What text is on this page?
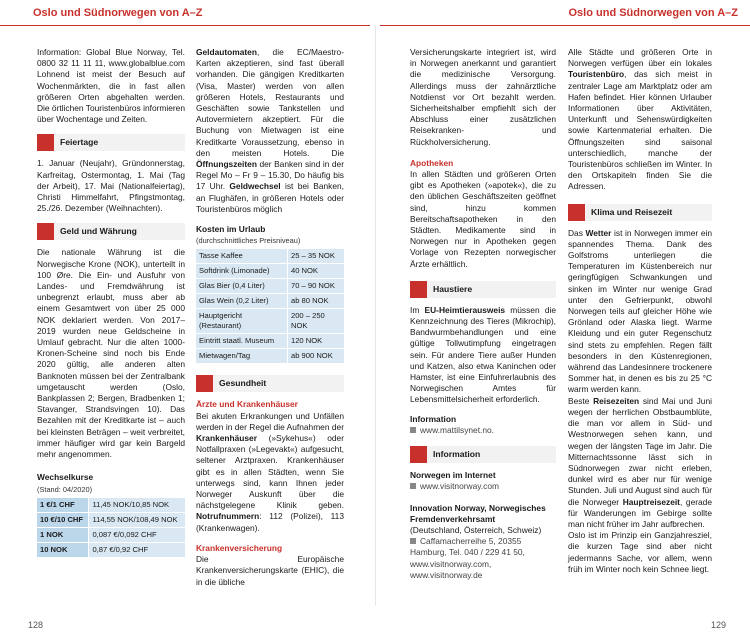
Oslo und Südnorwegen von A–Z	Oslo und Südnorwegen von A–Z

Information: Global Blue Norway, Tel. 0800 32 11 11 11, www.globalblue.com Lohnend ist meist der Besuch auf Wochenmärkten, die in fast allen größeren Orten abgehalten werden. Die örtlichen Touristenbüros informieren über Wochentage und Zeiten.

Feiertage

1. Januar (Neujahr), Gründonnerstag, Karfreitag, Ostermontag, 1. Mai (Tag der Arbeit), 17. Mai (Nationalfeiertag), Christi Himmelfahrt, Pfingstmontag, 25./26. Dezember (Weihnachten).

Geld und Währung

Die nationale Währung ist die Norwegische Krone (NOK), unterteilt in 100 Øre. Die Ein- und Ausfuhr von Landes- und Fremdwährung ist unbegrenzt erlaubt, muss aber ab einem Gesamtwert von über 25 000 NOK deklariert werden. Von 2017–2019 wurden neue Geldscheine in Umlauf gebracht. Nur die alten 1000-Kronen-Scheine sind noch bis Ende 2020 gültig, alle anderen alten Banknoten müssen bei der Zentralbank umgetauscht werden (Oslo, Bankplassen 2; Bergen, Bradbenken 1; Stavanger, Strandsvingen 10). Das Bezahlen mit der Kreditkarte ist – auch bei kleinsten Beträgen – weit verbreitet, immer häufiger wird gar kein Bargeld mehr angenommen.

Wechselkurse
(Stand: 04/2020)
1 €/1 CHF	11,45 NOK/10,85 NOK
10 €/10 CHF	114,55 NOK/108,49 NOK
1 NOK	0,087 €/0,092 CHF
10 NOK	0,87 €/0,92 CHF

Geldautomaten, die EC/Maestro-Karten akzeptieren, sind fast überall vorhanden. Die gängigen Kreditkarten (Visa, Master) werden von allen größeren Hotels, Restaurants und Geschäften sowie Tankstellen und Autovermietern akzeptiert. Für die Buchung von Mietwagen ist eine Kreditkarte Voraussetzung, ebenso in den meisten Hotels. Die Öffnungszeiten der Banken sind in der Regel Mo – Fr 9 – 15.30, Do häufig bis 17 Uhr. Geldwechsel ist bei Banken, an Flughäfen, in größeren Hotels oder Touristenbüros möglich

Kosten im Urlaub
(durchschnittliches Preisniveau)
Tasse Kaffee	25 – 35 NOK
Softdrink (Limonade)	40 NOK
Glas Bier (0,4 Liter)	70 – 90 NOK
Glas Wein (0,2 Liter)	ab 80 NOK
Hauptgericht (Restaurant)	200 – 250 NOK
Eintritt staatl. Museum	120 NOK
Mietwagen/Tag	ab 900 NOK
Gesundheit
Ärzte und Krankenhäuser

Bei akuten Erkrankungen und Unfällen werden in der Regel die Aufnahmen der Krankenhäuser (»Sykehus«) oder Notfallpraxen (»Legevakt«) aufgesucht, seltener Arztpraxen. Krankenhäuser gibt es in allen Städten, wenn Sie unterwegs sind, kann Ihnen jeder Norweger Auskunft über die nächstgelegene Klinik geben. Notrufnummern: 112 (Polizei), 113 (Krankenwagen).

Krankenversicherung

Die Europäische Krankenversicherungskarte (EHIC), die in die übliche

Versicherungskarte integriert ist, wird in Norwegen anerkannt und garantiert die medizinische Versorgung. Allerdings muss der zahnärztliche Notdienst vor Ort bezahlt werden. Sicherheitshalber empfiehlt sich der Abschluss einer zusätzlichen Reisekranken- und Rückholversicherung.

Apotheken

In allen Städten und größeren Orten gibt es Apotheken (»apotek«), die zu den üblichen Geschäftszeiten geöffnet sind, hinzu kommen Bereitschaftsapotheken in den Städten. Medikamente sind in Norwegen nur in Apotheken gegen Vorlage von Rezepten norwegischer Ärzte erhältlich.

Haustiere

Im EU-Heimtierausweis müssen die Kennzeichnung des Tieres (Mikrochip), Bandwurmbehandlungen und eine gültige Tollwutimpfung eingetragen sein. Für andere Tiere außer Hunden und Katzen, also etwa Kaninchen oder Hamster, ist eine Einfuhrerlaubnis des Norwegischen Amtes für Lebensmittelsicherheit erforderlich.

Information
www.mattilsynet.no.
Information
Norwegen im Internet
www.visitnorway.com
Innovation Norway, Norwegisches Fremdenverkehrsamt
(Deutschland, Österreich, Schweiz)
Caffamacherreihe 5, 20355 Hamburg, Tel. 040 / 229 41 50, www.visitnorway.com, www.visitnorway.de

Alle Städte und größeren Orte in Norwegen verfügen über ein lokales Touristenbüro, das sich meist in zentraler Lage am Marktplatz oder am Hafen befindet. Hier können Urlauber Informationen über Aktivitäten, Unterkunft und Sehenswürdigkeiten sowie Kartenmaterial erhalten. Die Öffnungszeiten sind saisonal unterschiedlich, manche der Touristenbüros schließen im Winter. In den Ortskapiteln finden Sie die Adressen.

Klima und Reisezeit

Das Wetter ist in Norwegen immer ein spannendes Thema. Dank des Golfstroms unterliegen die Temperaturen im Küstenbereich nur geringfügigen Schwankungen und sinken im Winter nur wenige Grad unter den Gefrierpunkt, obwohl Norwegen teils auf gleicher Höhe wie Grönland oder Alaska liegt. Warme Kleidung und ein guter Regenschutz sind stets zu empfehlen. Regen fällt besonders in den Küstenregionen, während das Landesinnere trockenere Sommer hat, in denen es bis zu 25 °C warm werden kann.

Beste Reisezeiten sind Mai und Juni wegen der herrlichen Obstbaumblüte, die man vor allem in Süd- und Westnorwegen sehen kann, und wegen der längsten Tage im Jahr. Die Mitternachtssonne lässt sich in Südnorwegen zwar nicht erleben, dunkel wird es aber nur für wenige Stunden. Juli und August sind auch für die Norweger Hauptreisezeit, gerade für Wanderungen im Gebirge sollte man nicht früher im Jahr aufbrechen.

Oslo ist im Prinzip ein Ganzjahresziel, die kurzen Tage sind aber nicht jedermanns Sache, vor allem, wenn früh im Winter noch kein Schnee liegt.

128	129
